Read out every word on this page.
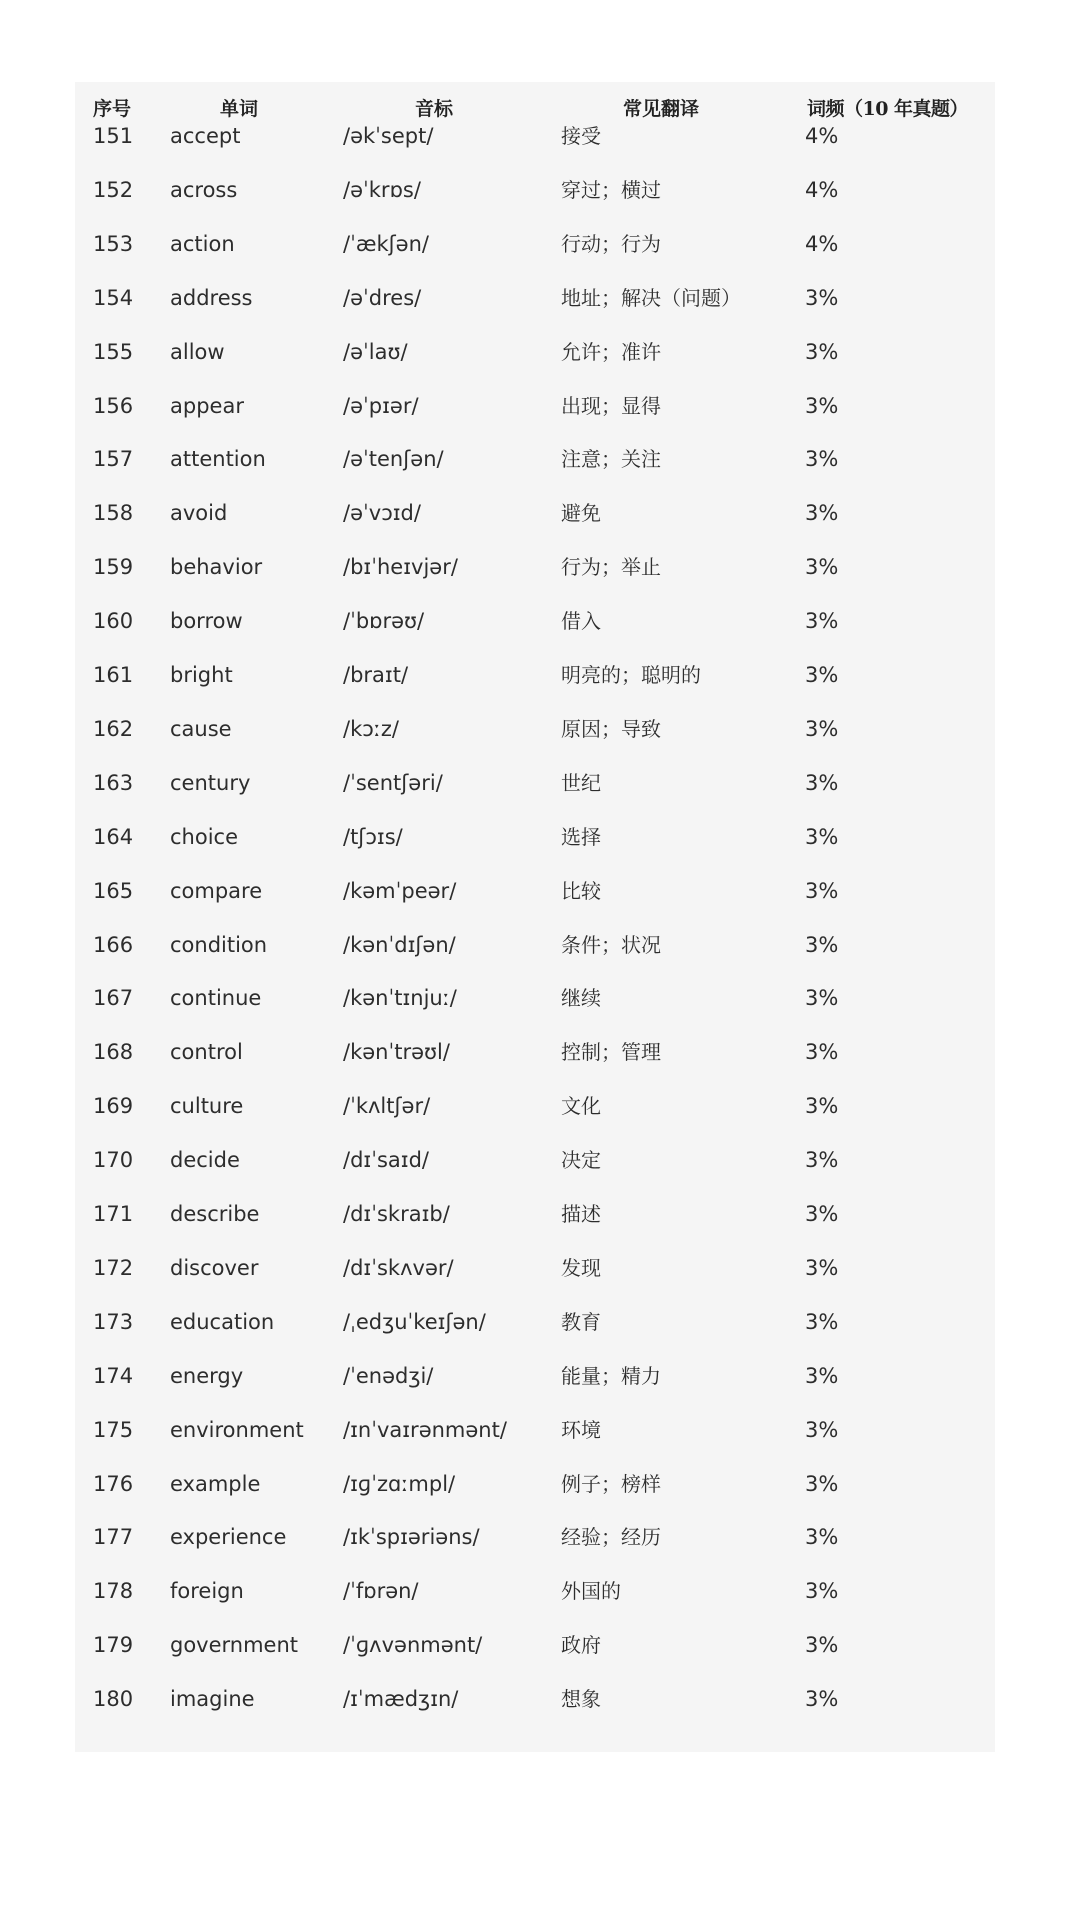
序号	单词	音标	常见翻译	词频（10 年真题）
151	accept	/əkˈsept/	接受	4%
152	across	/əˈkrɒs/	穿过；横过	4%
153	action	/ˈækʃən/	行动；行为	4%
154	address	/əˈdres/	地址；解决（问题）	3%
155	allow	/əˈlaʊ/	允许；准许	3%
156	appear	/əˈpɪər/	出现；显得	3%
157	attention	/əˈtenʃən/	注意；关注	3%
158	avoid	/əˈvɔɪd/	避免	3%
159	behavior	/bɪˈheɪvjər/	行为；举止	3%
160	borrow	/ˈbɒrəʊ/	借入	3%
161	bright	/braɪt/	明亮的；聪明的	3%
162	cause	/kɔːz/	原因；导致	3%
163	century	/ˈsentʃəri/	世纪	3%
164	choice	/tʃɔɪs/	选择	3%
165	compare	/kəmˈpeər/	比较	3%
166	condition	/kənˈdɪʃən/	条件；状况	3%
167	continue	/kənˈtɪnjuː/	继续	3%
168	control	/kənˈtrəʊl/	控制；管理	3%
169	culture	/ˈkʌltʃər/	文化	3%
170	decide	/dɪˈsaɪd/	决定	3%
171	describe	/dɪˈskraɪb/	描述	3%
172	discover	/dɪˈskʌvər/	发现	3%
173	education	/ˌedʒuˈkeɪʃən/	教育	3%
174	energy	/ˈenədʒi/	能量；精力	3%
175	environment	/ɪnˈvaɪrənmənt/	环境	3%
176	example	/ɪɡˈzɑːmpl/	例子；榜样	3%
177	experience	/ɪkˈspɪəriəns/	经验；经历	3%
178	foreign	/ˈfɒrən/	外国的	3%
179	government	/ˈɡʌvənmənt/	政府	3%
180	imagine	/ɪˈmædʒɪn/	想象	3%
